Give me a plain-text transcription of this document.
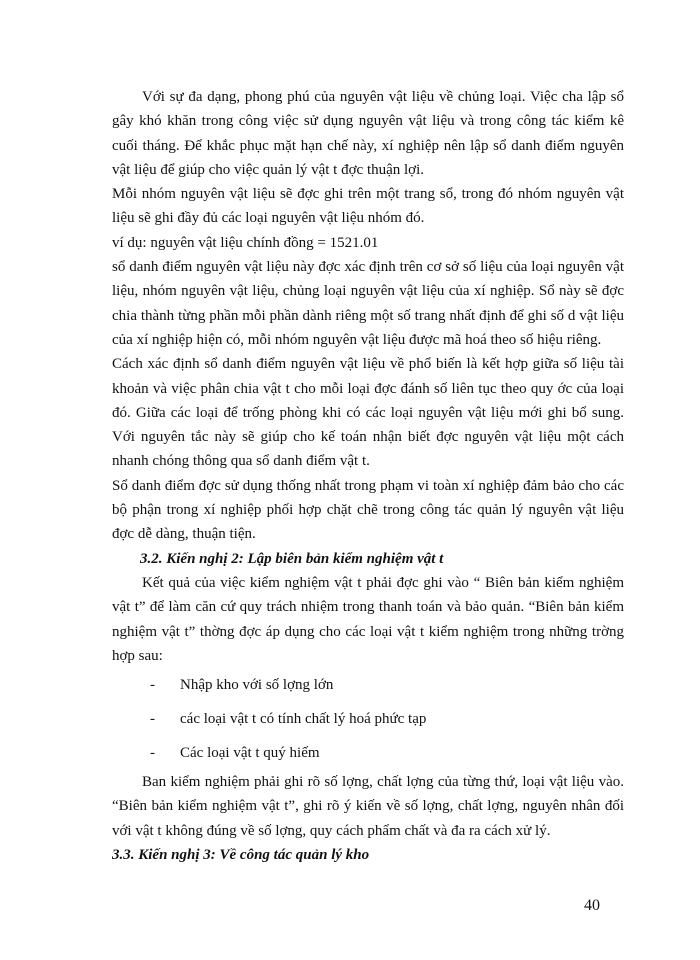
Với sự đa dạng, phong phú của nguyên vật liệu về chủng loại. Việc cha lập sổ gây khó khăn trong công việc sử dụng nguyên vật liệu và trong công tác kiểm kê cuối tháng. Để khắc phục mặt hạn chế này, xí nghiệp nên lập sổ danh điểm nguyên vật liệu để giúp cho việc quản lý vật t đợc thuận lợi.

Mỗi nhóm nguyên vật liệu sẽ đợc ghi trên một trang sổ, trong đó nhóm nguyên vật liệu sẽ ghi đầy đủ các loại nguyên vật liệu nhóm đó.

ví dụ: nguyên vật liệu chính đồng = 1521.01

sổ danh điểm nguyên vật liệu này đợc xác định trên cơ sở số liệu của loại nguyên vật liệu, nhóm nguyên vật liệu, chủng loại nguyên vật liệu của xí nghiệp. Sổ này sẽ đợc chia thành từng phần mỗi phần dành riêng một số trang nhất định để ghi số d vật liệu của xí nghiệp hiện có, mỗi nhóm nguyên vật liệu được mã hoá theo số hiệu riêng.

Cách xác định sổ danh điểm nguyên vật liệu về phổ biến là kết hợp giữa số liệu tài khoản và việc phân chia vật t cho mỗi loại đợc đánh số liên tục theo quy ớc của loại đó. Giữa các loại để trống phòng khi có các loại nguyên vật liệu mới ghi bổ sung. Với nguyên tắc này sẽ giúp cho kế toán nhận biết đợc nguyên vật liệu một cách nhanh chóng thông qua sổ danh điểm vật t.

Sổ danh điểm đợc sử dụng thống nhất trong phạm vi toàn xí nghiệp đảm bảo cho các bộ phận trong xí nghiệp phối hợp chặt chẽ trong công tác quản lý nguyên vật liệu đợc dễ dàng, thuận tiện.

3.2. Kiến nghị 2: Lập biên bản kiểm nghiệm vật t

Kết quả của việc kiểm nghiệm vật t phải đợc ghi vào “ Biên bản kiểm nghiệm vật t” để làm căn cứ quy trách nhiệm trong thanh toán và bảo quản. “Biên bản kiểm nghiệm vật t” thờng đợc áp dụng cho các loại vật t kiểm nghiệm trong những trờng hợp sau:

- Nhập kho với số lợng lớn
- các loại vật t có tính chất lý hoá phức tạp
- Các loại vật t quý hiếm

Ban kiểm nghiệm phải ghi rõ số lợng, chất lợng của từng thứ, loại vật liệu vào. “Biên bản kiểm nghiệm vật t”, ghi rõ ý kiến về số lợng, chất lợng, nguyên nhân đối với vật t không đúng về số lợng, quy cách phẩm chất và đa ra cách xử lý.

3.3. Kiến nghị 3: Về công tác quản lý kho

40
